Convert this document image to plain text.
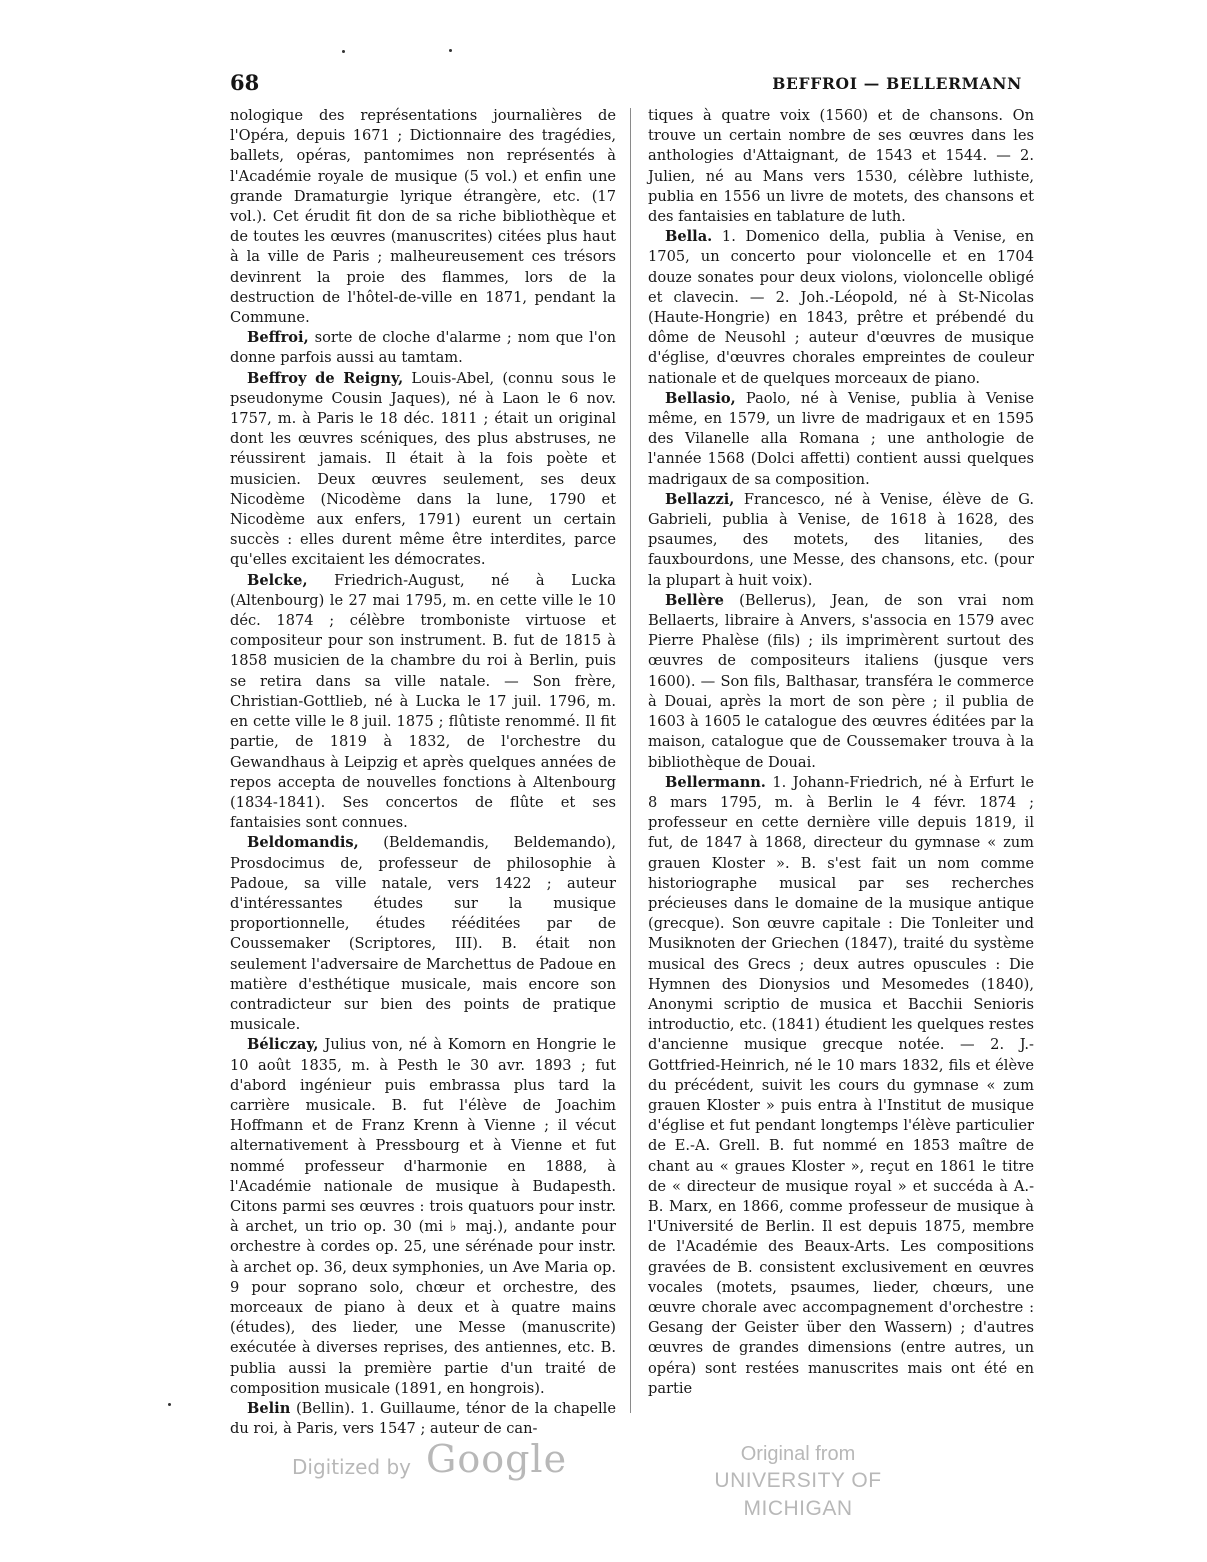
68	BEFFROI — BELLERMANN

nologique des représentations journalières de l'Opéra, depuis 1671 ; Dictionnaire des tragédies, ballets, opéras, pantomimes non représentés à l'Académie royale de musique (5 vol.) et enfin une grande Dramaturgie lyrique étrangère, etc. (17 vol.). Cet érudit fit don de sa riche bibliothèque et de toutes les œuvres (manuscrites) citées plus haut à la ville de Paris ; malheureusement ces trésors devinrent la proie des flammes, lors de la destruction de l'hôtel-de-ville en 1871, pendant la Commune.

Beffroi, sorte de cloche d'alarme ; nom que l'on donne parfois aussi au tamtam.

Beffroy de Reigny, Louis-Abel, (connu sous le pseudonyme Cousin Jaques), né à Laon le 6 nov. 1757, m. à Paris le 18 déc. 1811 ; était un original dont les œuvres scéniques, des plus abstruses, ne réussirent jamais. Il était à la fois poète et musicien. Deux œuvres seulement, ses deux Nicodème (Nicodème dans la lune, 1790 et Nicodème aux enfers, 1791) eurent un certain succès : elles durent même être interdites, parce qu'elles excitaient les démocrates.

Belcke, Friedrich-August, né à Lucka (Altenbourg) le 27 mai 1795, m. en cette ville le 10 déc. 1874 ; célèbre tromboniste virtuose et compositeur pour son instrument. B. fut de 1815 à 1858 musicien de la chambre du roi à Berlin, puis se retira dans sa ville natale. — Son frère, Christian-Gottlieb, né à Lucka le 17 juil. 1796, m. en cette ville le 8 juil. 1875 ; flûtiste renommé. Il fit partie, de 1819 à 1832, de l'orchestre du Gewandhaus à Leipzig et après quelques années de repos accepta de nouvelles fonctions à Altenbourg (1834-1841). Ses concertos de flûte et ses fantaisies sont connues.

Beldomandis, (Beldemandis, Beldemando), Prosdocimus de, professeur de philosophie à Padoue, sa ville natale, vers 1422 ; auteur d'intéressantes études sur la musique proportionnelle, études rééditées par de Coussemaker (Scriptores, III). B. était non seulement l'adversaire de Marchettus de Padoue en matière d'esthétique musicale, mais encore son contradicteur sur bien des points de pratique musicale.

Béliczay, Julius von, né à Komorn en Hongrie le 10 août 1835, m. à Pesth le 30 avr. 1893 ; fut d'abord ingénieur puis embrassa plus tard la carrière musicale. B. fut l'élève de Joachim Hoffmann et de Franz Krenn à Vienne ; il vécut alternativement à Pressbourg et à Vienne et fut nommé professeur d'harmonie en 1888, à l'Académie nationale de musique à Budapesth. Citons parmi ses œuvres : trois quatuors pour instr. à archet, un trio op. 30 (mi ♭ maj.), andante pour orchestre à cordes op. 25, une sérénade pour instr. à archet op. 36, deux symphonies, un Ave Maria op. 9 pour soprano solo, chœur et orchestre, des morceaux de piano à deux et à quatre mains (études), des lieder, une Messe (manuscrite) exécutée à diverses reprises, des antiennes, etc. B. publia aussi la première partie d'un traité de composition musicale (1891, en hongrois).

Belin (Bellin). 1. Guillaume, ténor de la chapelle du roi, à Paris, vers 1547 ; auteur de can-

tiques à quatre voix (1560) et de chansons. On trouve un certain nombre de ses œuvres dans les anthologies d'Attaignant, de 1543 et 1544. — 2. Julien, né au Mans vers 1530, célèbre luthiste, publia en 1556 un livre de motets, des chansons et des fantaisies en tablature de luth.

Bella. 1. Domenico della, publia à Venise, en 1705, un concerto pour violoncelle et en 1704 douze sonates pour deux violons, violoncelle obligé et clavecin. — 2. Joh.-Léopold, né à St-Nicolas (Haute-Hongrie) en 1843, prêtre et prébendé du dôme de Neusohl ; auteur d'œuvres de musique d'église, d'œuvres chorales empreintes de couleur nationale et de quelques morceaux de piano.

Bellasio, Paolo, né à Venise, publia à Venise même, en 1579, un livre de madrigaux et en 1595 des Vilanelle alla Romana ; une anthologie de l'année 1568 (Dolci affetti) contient aussi quelques madrigaux de sa composition.

Bellazzi, Francesco, né à Venise, élève de G. Gabrieli, publia à Venise, de 1618 à 1628, des psaumes, des motets, des litanies, des fauxbourdons, une Messe, des chansons, etc. (pour la plupart à huit voix).

Bellère (Bellerus), Jean, de son vrai nom Bellaerts, libraire à Anvers, s'associa en 1579 avec Pierre Phalèse (fils) ; ils imprimèrent surtout des œuvres de compositeurs italiens (jusque vers 1600). — Son fils, Balthasar, transféra le commerce à Douai, après la mort de son père ; il publia de 1603 à 1605 le catalogue des œuvres éditées par la maison, catalogue que de Coussemaker trouva à la bibliothèque de Douai.

Bellermann. 1. Johann-Friedrich, né à Erfurt le 8 mars 1795, m. à Berlin le 4 févr. 1874 ; professeur en cette dernière ville depuis 1819, il fut, de 1847 à 1868, directeur du gymnase « zum grauen Kloster ». B. s'est fait un nom comme historiographe musical par ses recherches précieuses dans le domaine de la musique antique (grecque). Son œuvre capitale : Die Tonleiter und Musiknoten der Griechen (1847), traité du système musical des Grecs ; deux autres opuscules : Die Hymnen des Dionysios und Mesomedes (1840), Anonymi scriptio de musica et Bacchii Senioris introductio, etc. (1841) étudient les quelques restes d'ancienne musique grecque notée. — 2. J.-Gottfried-Heinrich, né le 10 mars 1832, fils et élève du précédent, suivit les cours du gymnase « zum grauen Kloster » puis entra à l'Institut de musique d'église et fut pendant longtemps l'élève particulier de E.-A. Grell. B. fut nommé en 1853 maître de chant au « graues Kloster », reçut en 1861 le titre de « directeur de musique royal » et succéda à A.-B. Marx, en 1866, comme professeur de musique à l'Université de Berlin. Il est depuis 1875, membre de l'Académie des Beaux-Arts. Les compositions gravées de B. consistent exclusivement en œuvres vocales (motets, psaumes, lieder, chœurs, une œuvre chorale avec accompagnement d'orchestre : Gesang der Geister über den Wassern) ; d'autres œuvres de grandes dimensions (entre autres, un opéra) sont restées manuscrites mais ont été en partie

Digitized by Google	Original from
UNIVERSITY OF MICHIGAN
